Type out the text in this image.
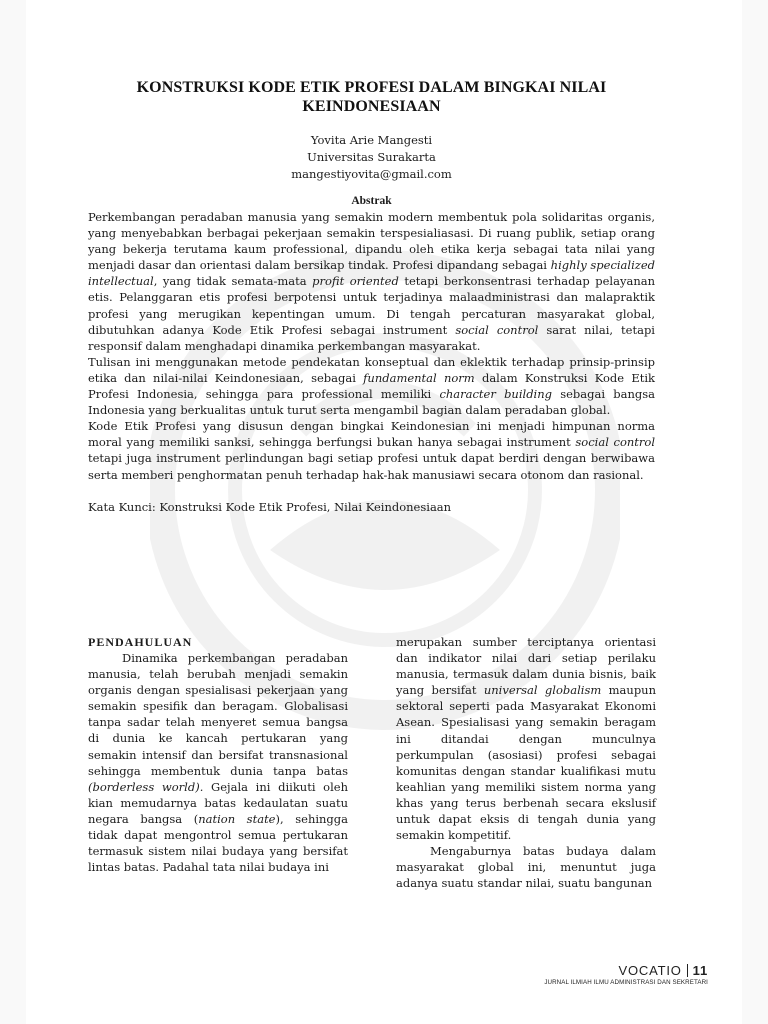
KONSTRUKSI KODE ETIK PROFESI DALAM BINGKAI NILAI KEINDONESIAAN
Yovita Arie Mangesti
Universitas Surakarta
mangestiyovita@gmail.com
Abstrak

Perkembangan peradaban manusia yang semakin modern membentuk pola solidaritas organis, yang menyebabkan berbagai pekerjaan semakin terspesialiasasi. Di ruang publik, setiap orang yang bekerja terutama kaum professional, dipandu oleh etika kerja sebagai tata nilai yang menjadi dasar dan orientasi dalam bersikap tindak. Profesi dipandang sebagai highly specialized intellectual, yang tidak semata-mata profit oriented tetapi berkonsentrasi terhadap pelayanan etis. Pelanggaran etis profesi berpotensi untuk terjadinya malaadministrasi dan malapraktik profesi yang merugikan kepentingan umum. Di tengah percaturan masyarakat global, dibutuhkan adanya Kode Etik Profesi sebagai instrument social control sarat nilai, tetapi responsif dalam menghadapi dinamika perkembangan masyarakat.

Tulisan ini menggunakan metode pendekatan konseptual dan eklektik terhadap prinsip-prinsip etika dan nilai-nilai Keindonesiaan, sebagai fundamental norm dalam Konstruksi Kode Etik Profesi Indonesia, sehingga para professional memiliki character building sebagai bangsa Indonesia yang berkualitas untuk turut serta mengambil bagian dalam peradaban global.

Kode Etik Profesi yang disusun dengan bingkai Keindonesian ini menjadi himpunan norma moral yang memiliki sanksi, sehingga berfungsi bukan hanya sebagai instrument social control tetapi juga instrument perlindungan bagi setiap profesi untuk dapat berdiri dengan berwibawa serta memberi penghormatan penuh terhadap hak-hak manusiawi secara otonom dan rasional.

Kata Kunci: Konstruksi Kode Etik Profesi, Nilai Keindonesiaan
PENDAHULUAN

Dinamika perkembangan peradaban manusia, telah berubah menjadi semakin organis dengan spesialisasi pekerjaan yang semakin spesifik dan beragam. Globalisasi tanpa sadar telah menyeret semua bangsa di dunia ke kancah pertukaran yang semakin intensif dan bersifat transnasional sehingga membentuk dunia tanpa batas (borderless world). Gejala ini diikuti oleh kian memudarnya batas kedaulatan suatu negara bangsa (nation state), sehingga tidak dapat mengontrol semua pertukaran termasuk sistem nilai budaya yang bersifat lintas batas. Padahal tata nilai budaya ini

merupakan sumber terciptanya orientasi dan indikator nilai dari setiap perilaku manusia, termasuk dalam dunia bisnis, baik yang bersifat universal globalism maupun sektoral seperti pada Masyarakat Ekonomi Asean. Spesialisasi yang semakin beragam ini ditandai dengan munculnya perkumpulan (asosiasi) profesi sebagai komunitas dengan standar kualifikasi mutu keahlian yang memiliki sistem norma yang khas yang terus berbenah secara ekslusif untuk dapat eksis di tengah dunia yang semakin kompetitif.

Mengaburnya batas budaya dalam masyarakat global ini, menuntut juga adanya suatu standar nilai, suatu bangunan

VOCATIO 11
JURNAL ILMIAH ILMU ADMINISTRASI DAN SEKRETARI
